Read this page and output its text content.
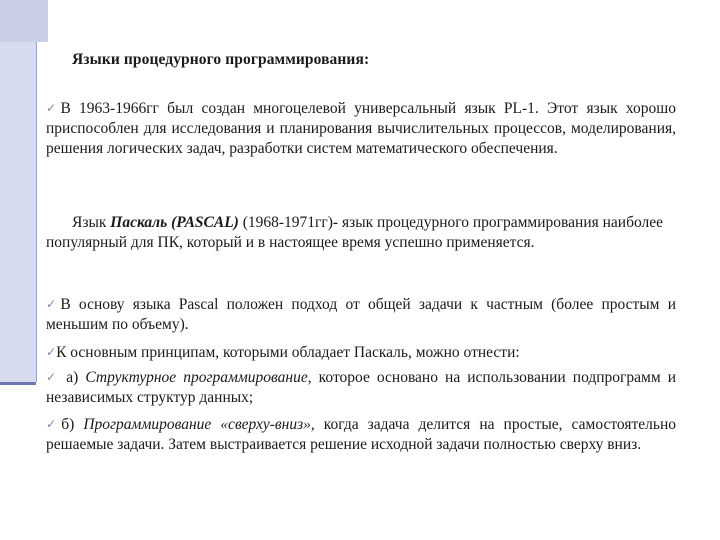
Языки процедурного программирования:
✓В 1963-1966гг был создан многоцелевой универсальный язык PL-1. Этот язык хорошо приспособлен для исследования и планирования вычислительных процессов, моделирования, решения логических задач, разработки систем математического обеспечения.
Язык Паскаль (PASCAL) (1968-1971гг)- язык процедурного программирования наиболее популярный для ПК, который и в настоящее время успешно применяется.
✓В основу языка Pascal положен подход от общей задачи к частным (более простым и меньшим по объему).
✓К основным принципам, которыми обладает Паскаль, можно отнести:
✓ а) Структурное программирование, которое основано на использовании подпрограмм и независимых структур данных;
✓б) Программирование «сверху-вниз», когда задача делится на простые, самостоятельно решаемые задачи. Затем выстраивается решение исходной задачи полностью сверху вниз.
